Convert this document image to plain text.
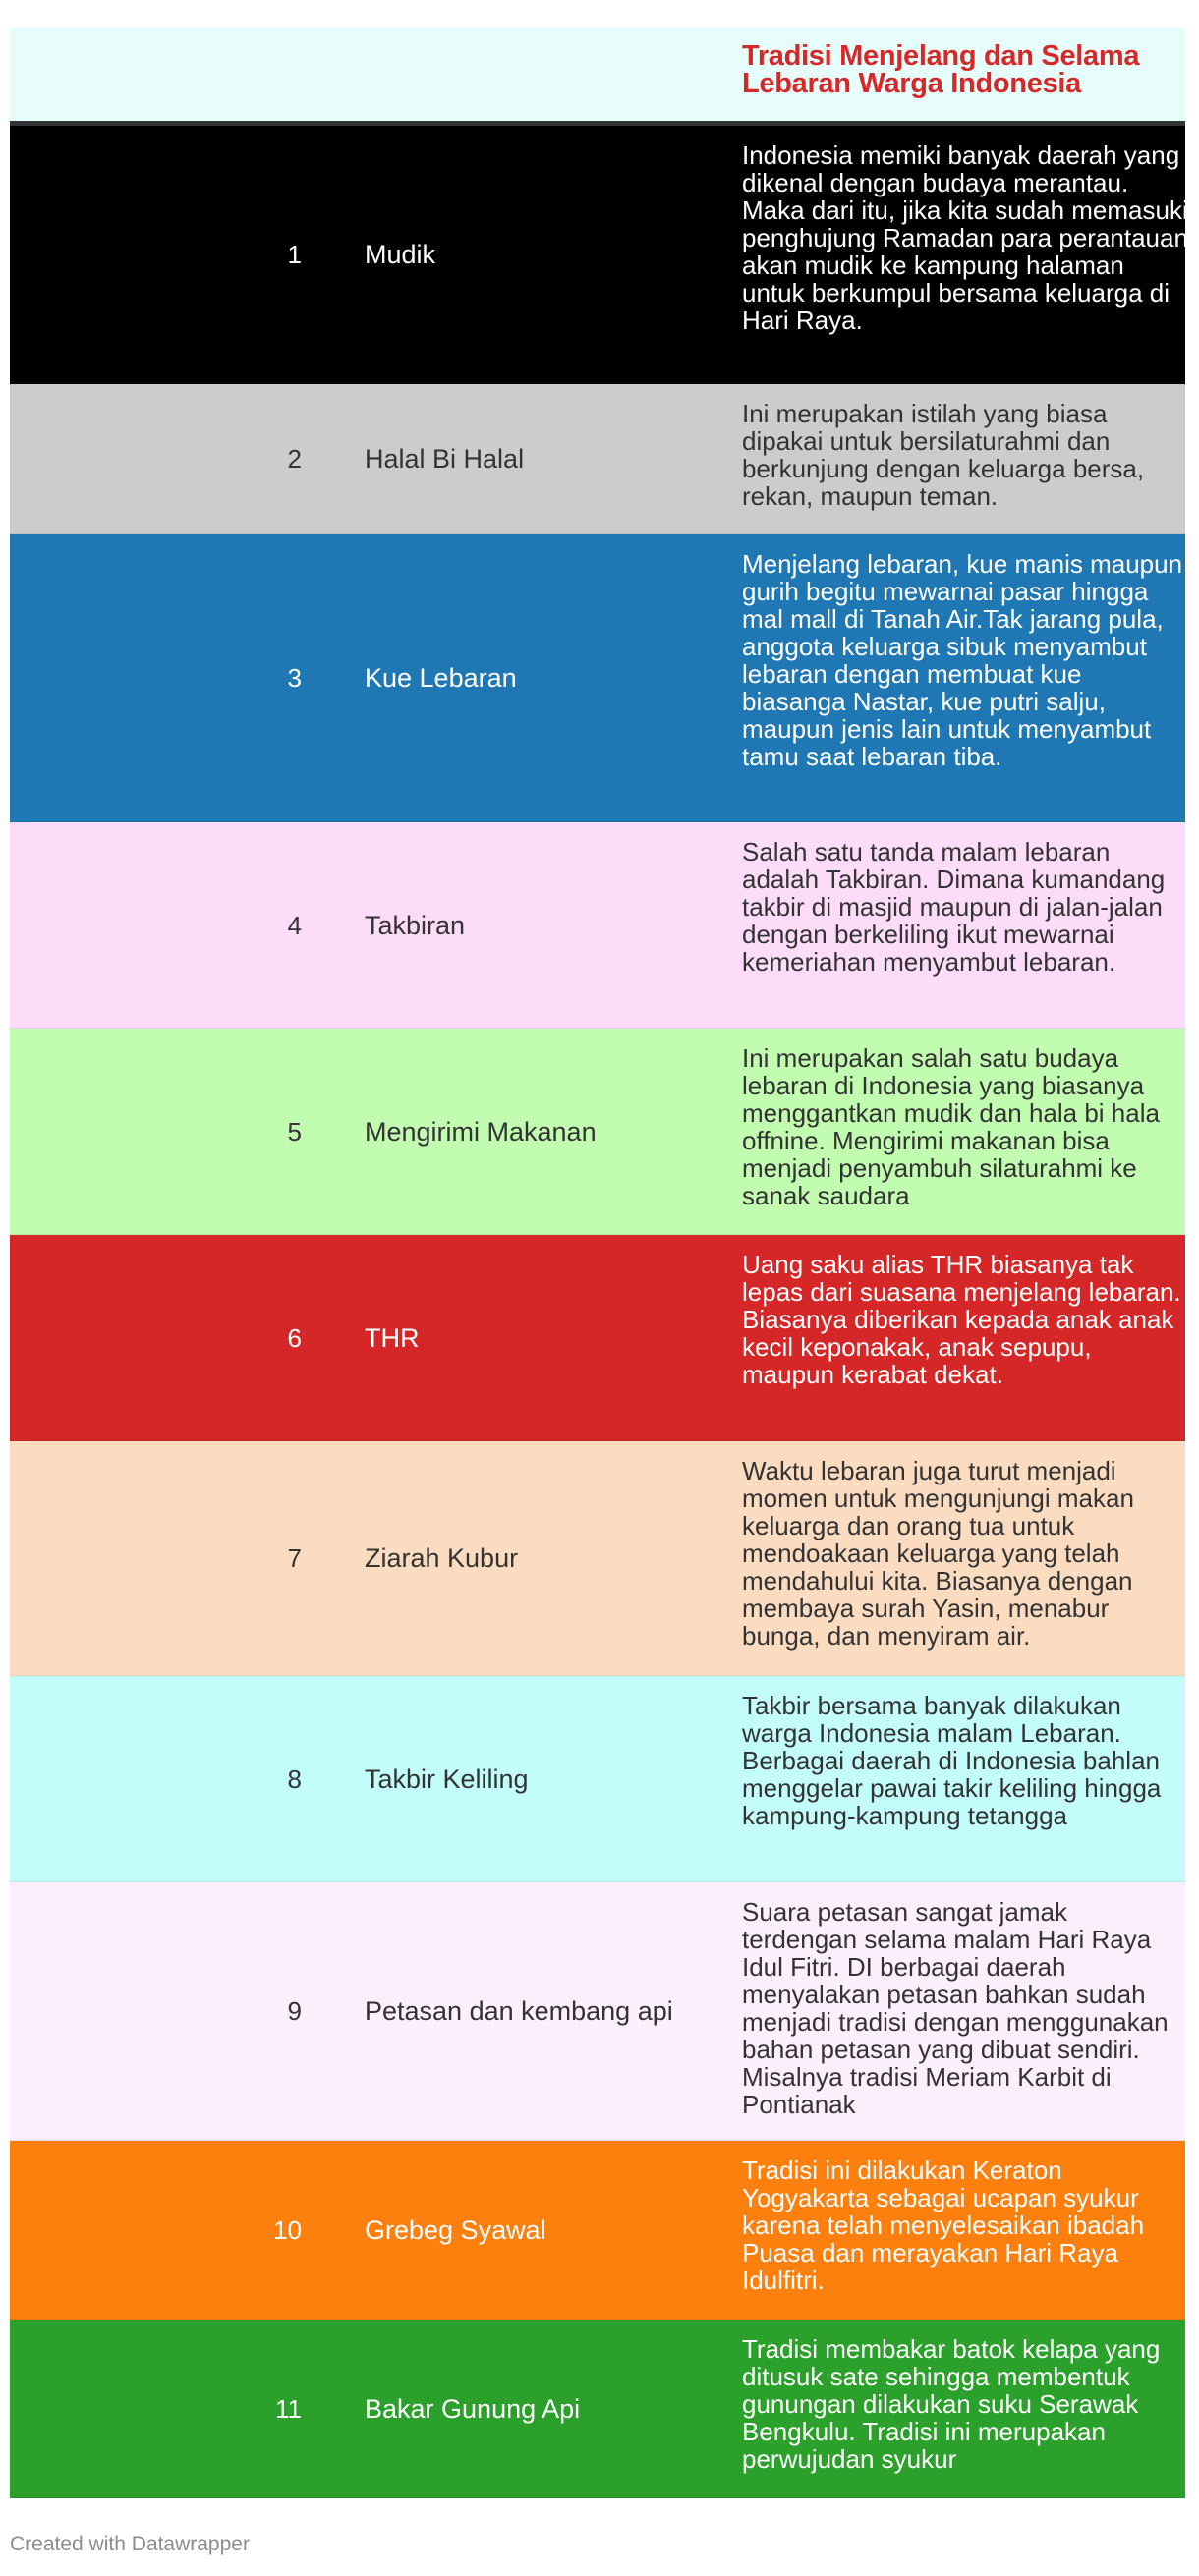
Tradisi Menjelang dan Selama Lebaran Warga Indonesia
1 Mudik
Indonesia memiki banyak daerah yang dikenal dengan budaya merantau. Maka dari itu, jika kita sudah memasuki penghujung Ramadan para perantauan akan mudik ke kampung halaman untuk berkumpul bersama keluarga di Hari Raya.
2 Halal Bi Halal
Ini merupakan istilah yang biasa dipakai untuk bersilaturahmi dan berkunjung dengan keluarga bersa, rekan, maupun teman.
3 Kue Lebaran
Menjelang lebaran, kue manis maupun gurih begitu mewarnai pasar hingga mal mall di Tanah Air.Tak jarang pula, anggota keluarga sibuk menyambut lebaran dengan membuat kue biasanga Nastar, kue putri salju, maupun jenis lain untuk menyambut tamu saat lebaran tiba.
4 Takbiran
Salah satu tanda malam lebaran adalah Takbiran. Dimana kumandang takbir di masjid maupun di jalan-jalan dengan berkeliling ikut mewarnai kemeriahan menyambut lebaran.
5 Mengirimi Makanan
Ini merupakan salah satu budaya lebaran di Indonesia yang biasanya menggantkan mudik dan hala bi hala offnine. Mengirimi makanan bisa menjadi penyambuh silaturahmi ke sanak saudara
6 THR
Uang saku alias THR biasanya tak lepas dari suasana menjelang lebaran. Biasanya diberikan kepada anak anak kecil keponakak, anak sepupu, maupun kerabat dekat.
7 Ziarah Kubur
Waktu lebaran juga turut menjadi momen untuk mengunjungi makan keluarga dan orang tua untuk mendoakaan keluarga yang telah mendahului kita. Biasanya dengan membaya surah Yasin, menabur bunga, dan menyiram air.
8 Takbir Keliling
Takbir bersama banyak dilakukan warga Indonesia malam Lebaran. Berbagai daerah di Indonesia bahlan menggelar pawai takir keliling hingga kampung-kampung tetangga
9 Petasan dan kembang api
Suara petasan sangat jamak terdengan selama malam Hari Raya Idul Fitri. DI berbagai daerah menyalakan petasan bahkan sudah menjadi tradisi dengan menggunakan bahan petasan yang dibuat sendiri. Misalnya tradisi Meriam Karbit di Pontianak
10 Grebeg Syawal
Tradisi ini dilakukan Keraton Yogyakarta sebagai ucapan syukur karena telah menyelesaikan ibadah Puasa dan merayakan Hari Raya Idulfitri.
11 Bakar Gunung Api
Tradisi membakar batok kelapa yang ditusuk sate sehingga membentuk gunungan dilakukan suku Serawak Bengkulu. Tradisi ini merupakan perwujudan syukur
Created with Datawrapper
